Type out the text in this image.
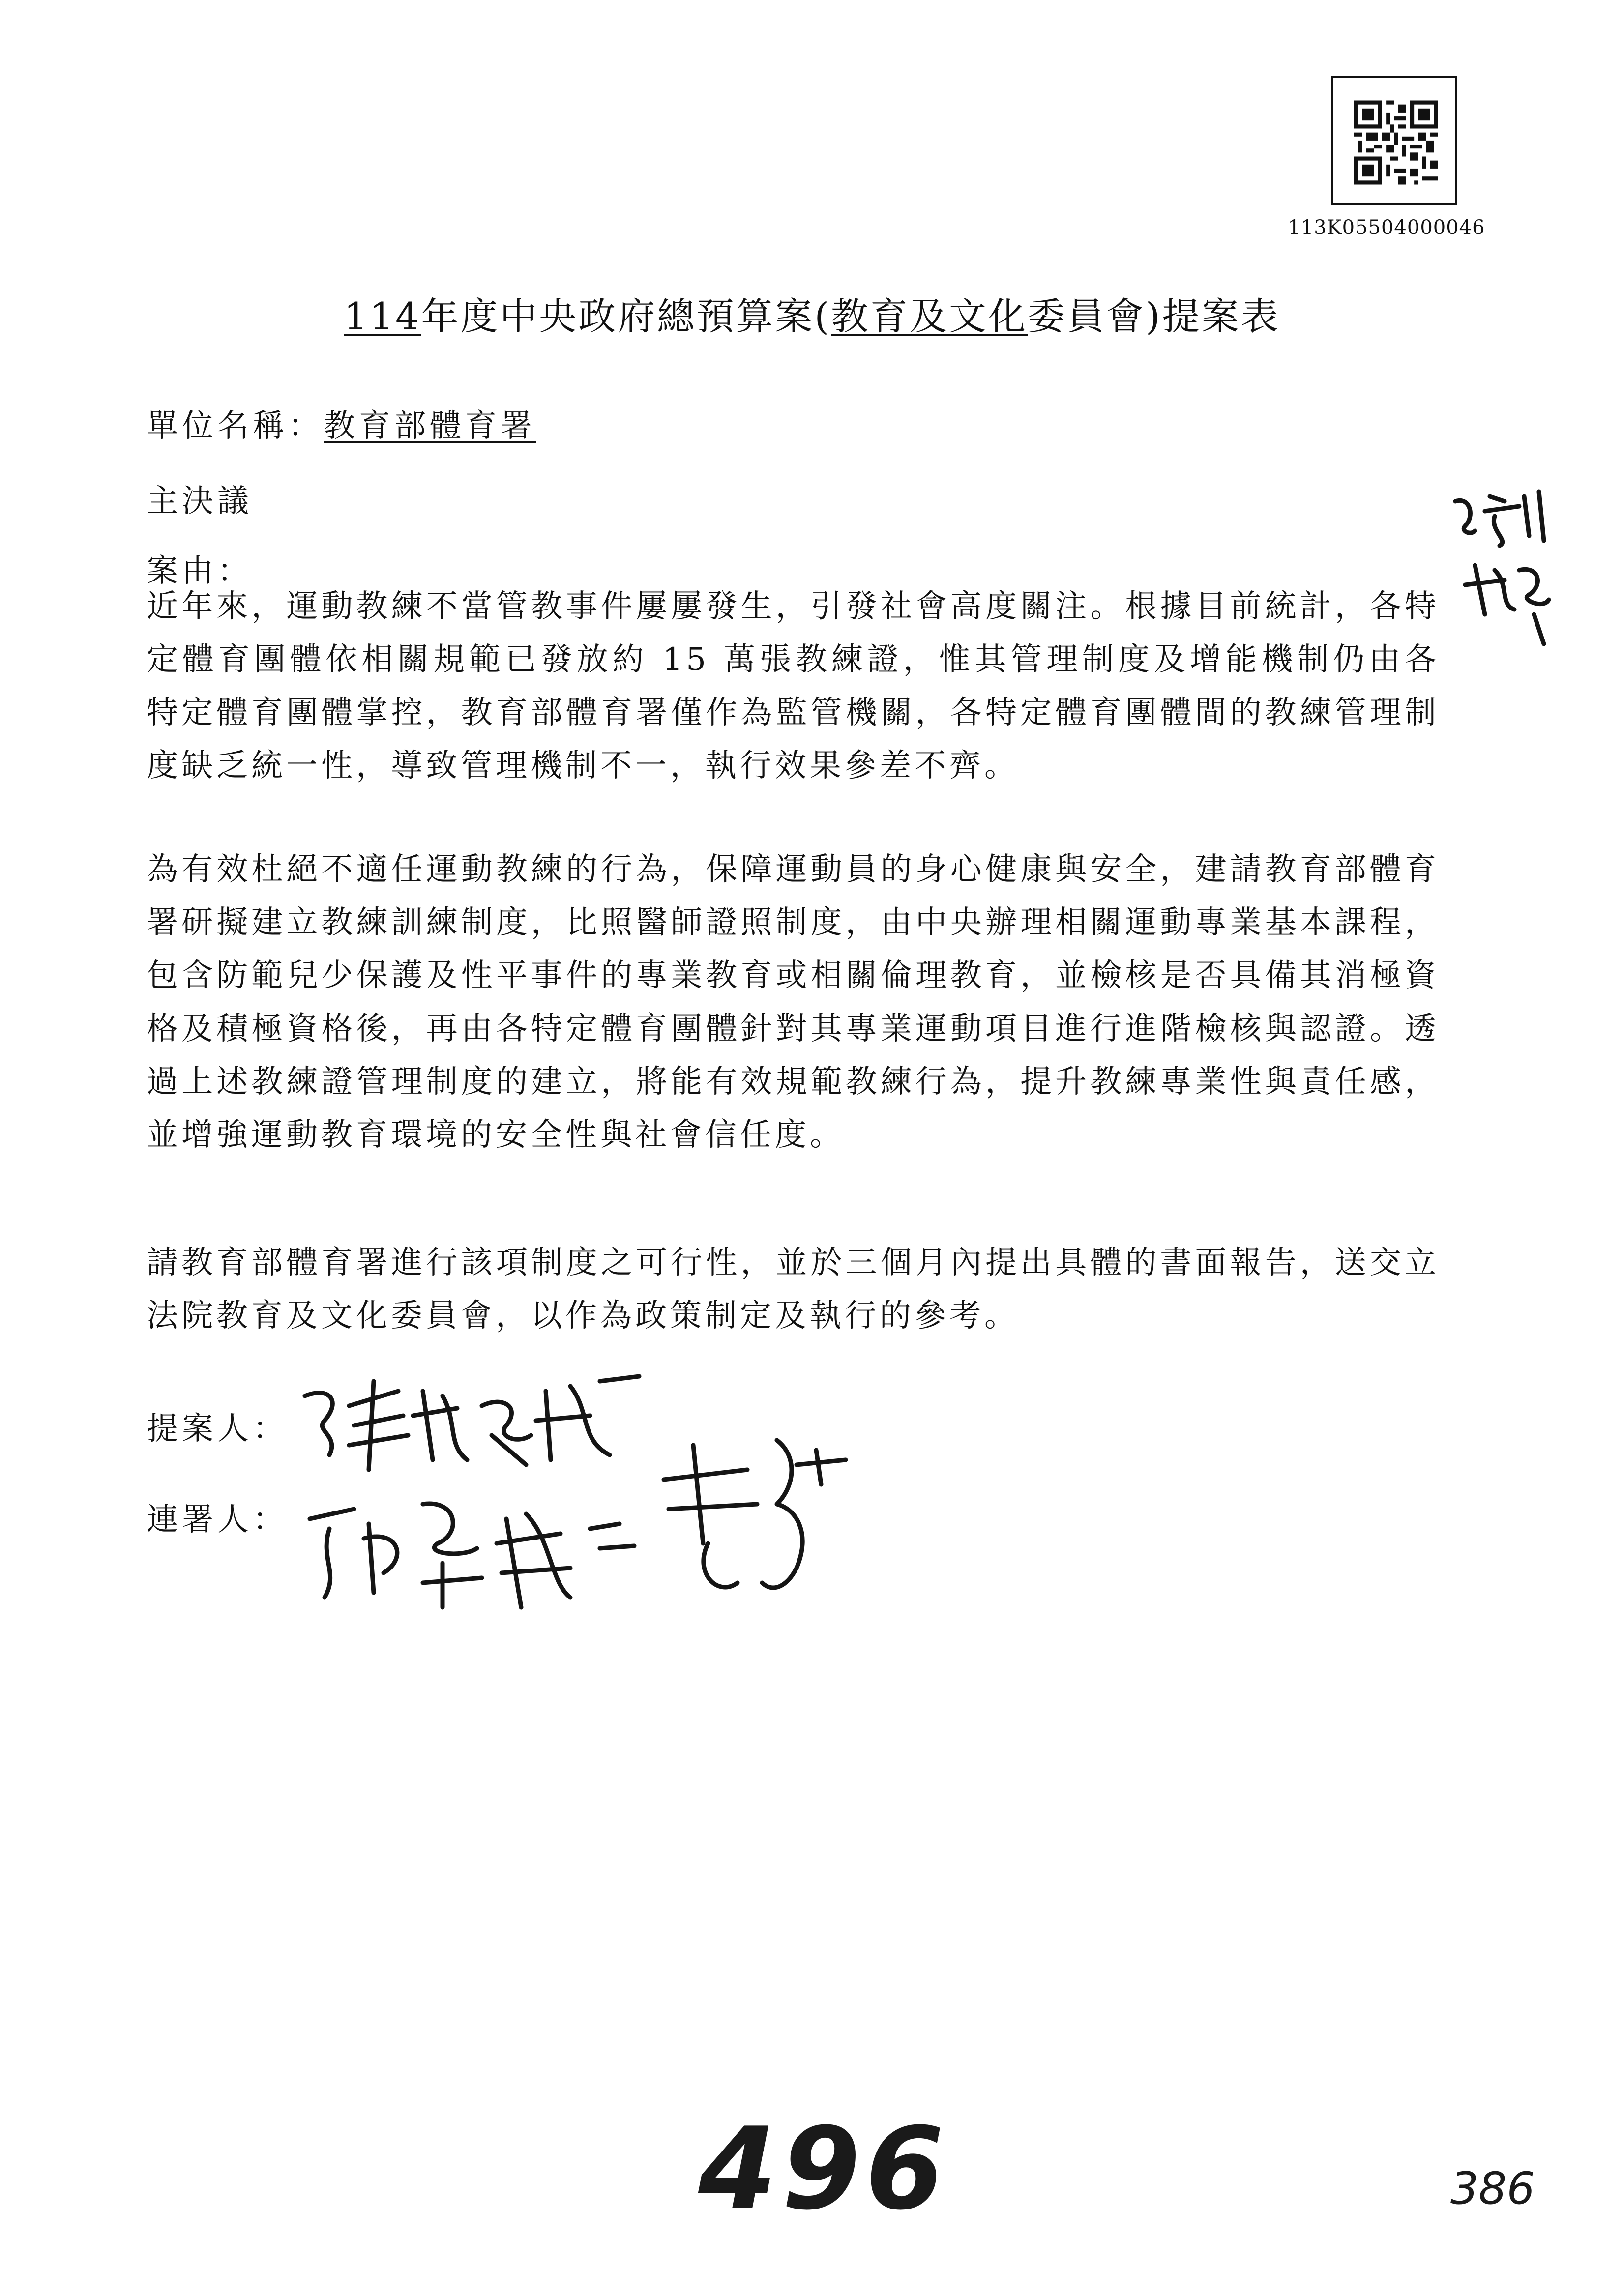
113K05504000046
114年度中央政府總預算案(教育及文化委員會)提案表
單位名稱：教育部體育署
主決議
案由：

近年來，運動教練不當管教事件屢屢發生，引發社會高度關注。根據目前統計，各特定體育團體依相關規範已發放約 15 萬張教練證，惟其管理制度及增能機制仍由各特定體育團體掌控，教育部體育署僅作為監管機關，各特定體育團體間的教練管理制度缺乏統一性，導致管理機制不一，執行效果參差不齊。

為有效杜絕不適任運動教練的行為，保障運動員的身心健康與安全，建請教育部體育署研擬建立教練訓練制度，比照醫師證照制度，由中央辦理相關運動專業基本課程，包含防範兒少保護及性平事件的專業教育或相關倫理教育，並檢核是否具備其消極資格及積極資格後，再由各特定體育團體針對其專業運動項目進行進階檢核與認證。透過上述教練證管理制度的建立，將能有效規範教練行為，提升教練專業性與責任感，並增強運動教育環境的安全性與社會信任度。

請教育部體育署進行該項制度之可行性，並於三個月內提出具體的書面報告，送交立法院教育及文化委員會，以作為政策制定及執行的參考。

提案人：
連署人：
496	386
